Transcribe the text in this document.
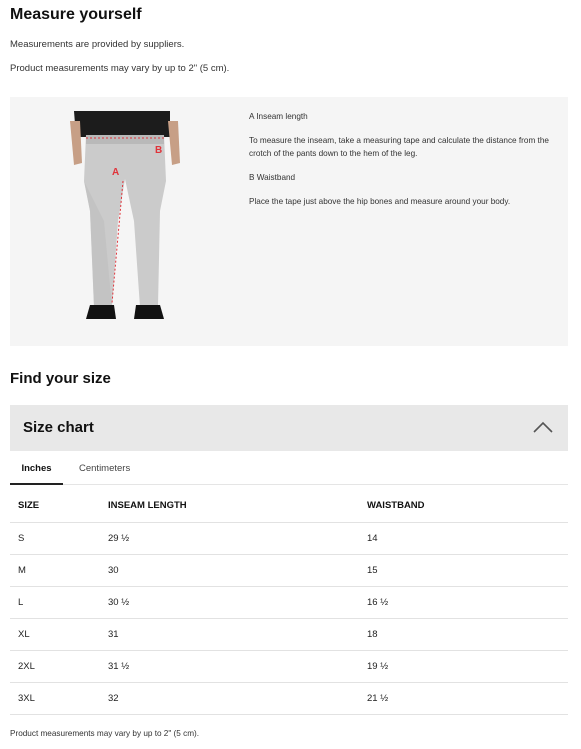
Measure yourself
Measurements are provided by suppliers.
Product measurements may vary by up to 2" (5 cm).
A
B

A Inseam length

To measure the inseam, take a measuring tape and calculate the distance from the crotch of the pants down to the hem of the leg.

B Waistband

Place the tape just above the hip bones and measure around your body.

Find your size
Size chart
Inches	Centimeters
SIZE	INSEAM LENGTH	WAISTBAND
S	29 ½	14
M	30	15
L	30 ½	16 ½
XL	31	18
2XL	31 ½	19 ½
3XL	32	21 ½
Product measurements may vary by up to 2" (5 cm).
